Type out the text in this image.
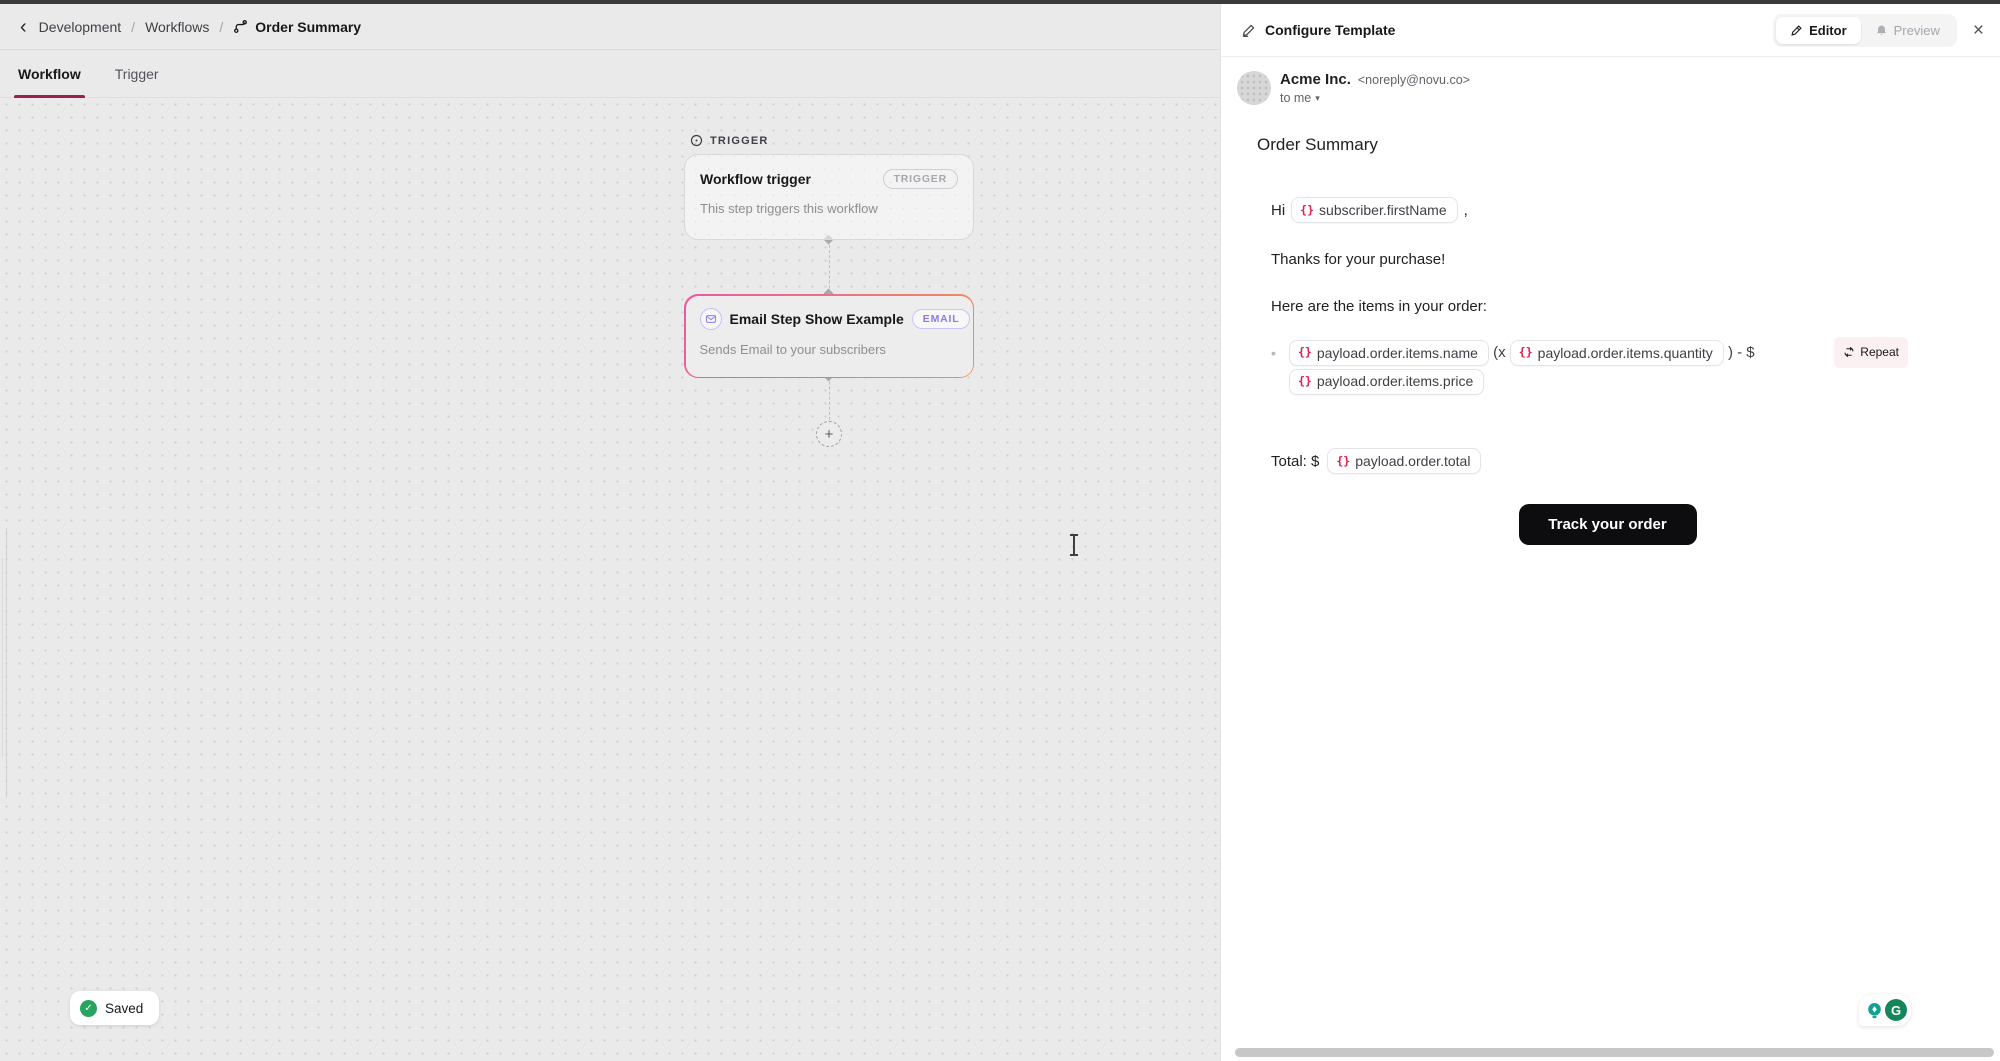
‹ Development / Workflows / Order Summary
Workflow Trigger
TRIGGER
Workflow trigger	TRIGGER
This step triggers this workflow
Email Step Show Example	EMAIL
Sends Email to your subscribers
+
✓ Saved
Configure Template	Editor	Preview ×
Acme Inc. <noreply@novu.co>
to me ▾
Order Summary
Hi {} subscriber.firstName ,
Thanks for your purchase!
Here are the items in your order:
• {} payload.order.items.name (x {} payload.order.items.quantity ) - $
{} payload.order.items.price
Repeat
Total: $ {} payload.order.total
Track your order
G
